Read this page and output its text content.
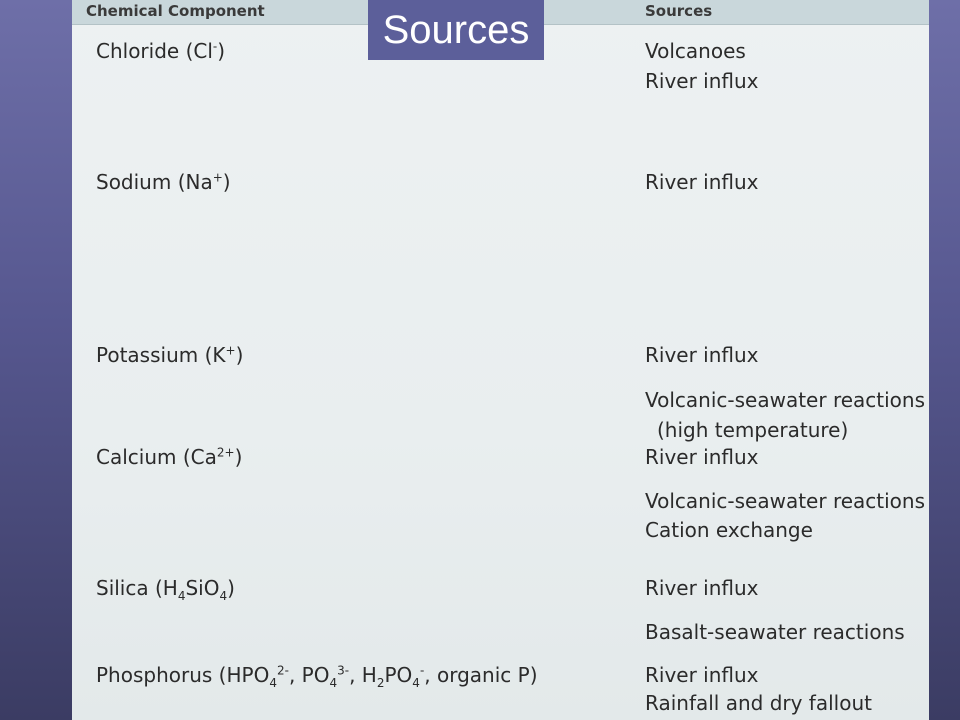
Chemical Component	Sources

Sources
Chloride (Cl-)
Sodium (Na+)
Potassium (K+)
Calcium $(Ca^{2+})$
Silica $(H_4SiO_4)$
Phosphorus ($HPO_4^{2-}$, $PO_4^{3-}$, $H_2PO_4^-$, organic P)
Volcanoes
River influx
River influx
River influx
Volcanic-seawater reactions
(high temperature)
River influx
Volcanic-seawater reactions
Cation exchange
River influx
Basalt-seawater reactions
River influx
Rainfall and dry fallout
